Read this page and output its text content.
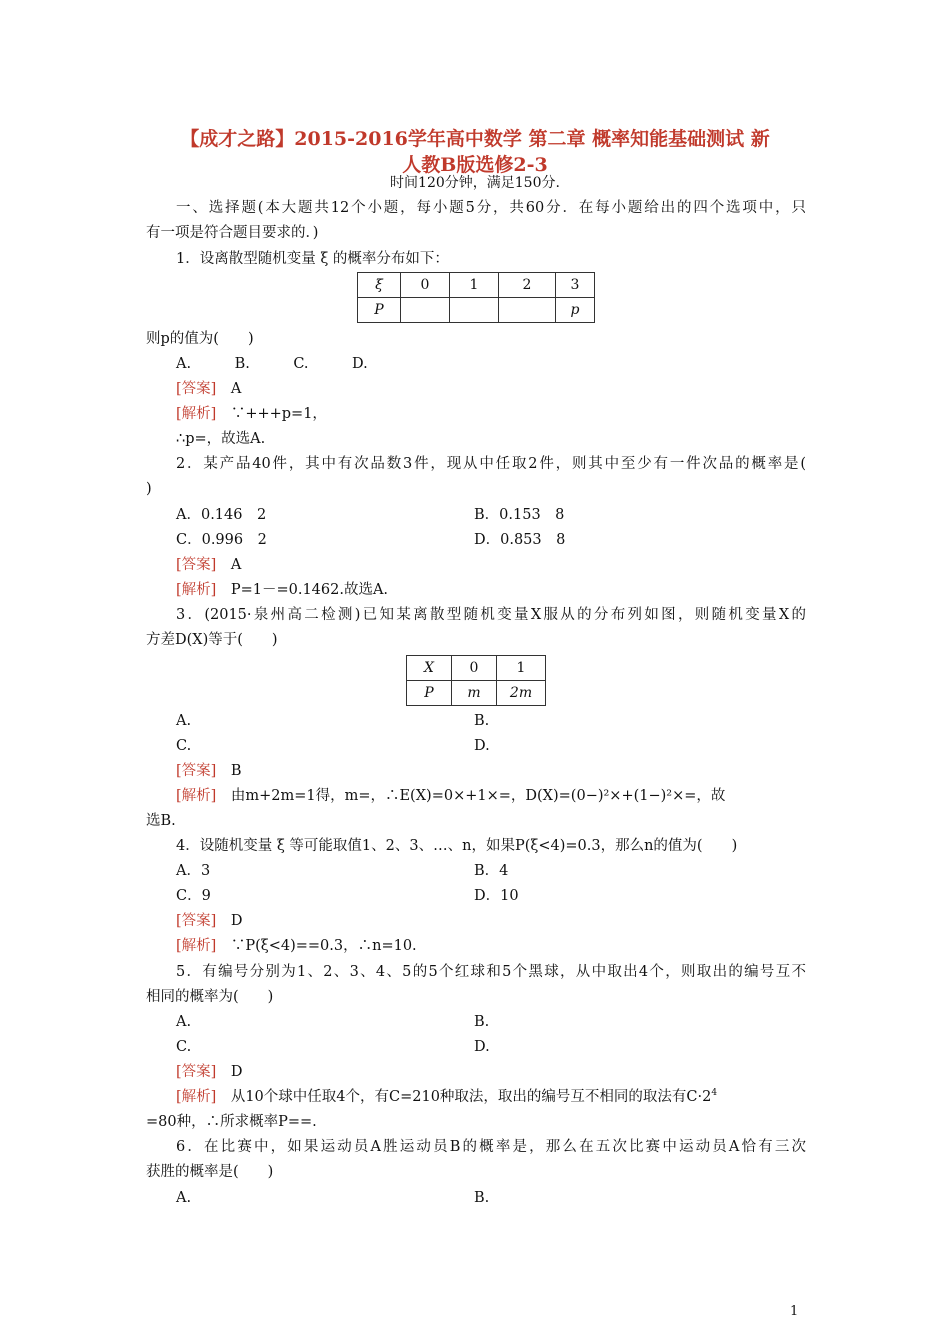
【成才之路】2015-2016学年高中数学 第二章 概率知能基础测试 新
人教B版选修2-3
时间120分钟，满足150分.
一、选择题(本大题共12个小题，每小题5分，共60分．在每小题给出的四个选项中，只
有一项是符合题目要求的．)
1．设离散型随机变量 ξ 的概率分布如下：
ξ	0	1	2	3
P				p
则p的值为(　　)
A.　　　B.　　　C.　　　D.
[答案]　 A
[解析]　 ∵+++p=1，
∴p=，故选A.
2．某产品40件，其中有次品数3件，现从中任取2件，则其中至少有一件次品的概率是(
)
A．0.146　2	B．0.153　8
C．0.996　2	D．0.853　8
[答案]　 A
[解析]　 P=1－=0.1462.故选A.
3．(2015·泉州高二检测)已知某离散型随机变量X服从的分布列如图，则随机变量X的
方差D(X)等于(　　)
X	0	1
P	m	2m
A.	B.
C.	D.
[答案]　 B
[解析]　 由m+2m=1得，m=，∴E(X)=0×+1×=，D(X)=(0−)²×+(1−)²×=，故
选B.
4．设随机变量 ξ 等可能取值1、2、3、…、n，如果P(ξ<4)=0.3，那么n的值为(　　)
A．3	B．4
C．9	D．10
[答案]　 D
[解析]　 ∵P(ξ<4)==0.3，∴n=10.
5．有编号分别为1、2、3、4、5的5个红球和5个黑球，从中取出4个，则取出的编号互不
相同的概率为(　　)
A.	B.
C.	D.
[答案]　 D
[解析]　 从10个球中任取4个，有C=210种取法，取出的编号互不相同的取法有$C\cdot 2^4$
=80种，∴所求概率P==.
6．在比赛中，如果运动员A胜运动员B的概率是，那么在五次比赛中运动员A恰有三次
获胜的概率是(　　)
A.	B.
1
